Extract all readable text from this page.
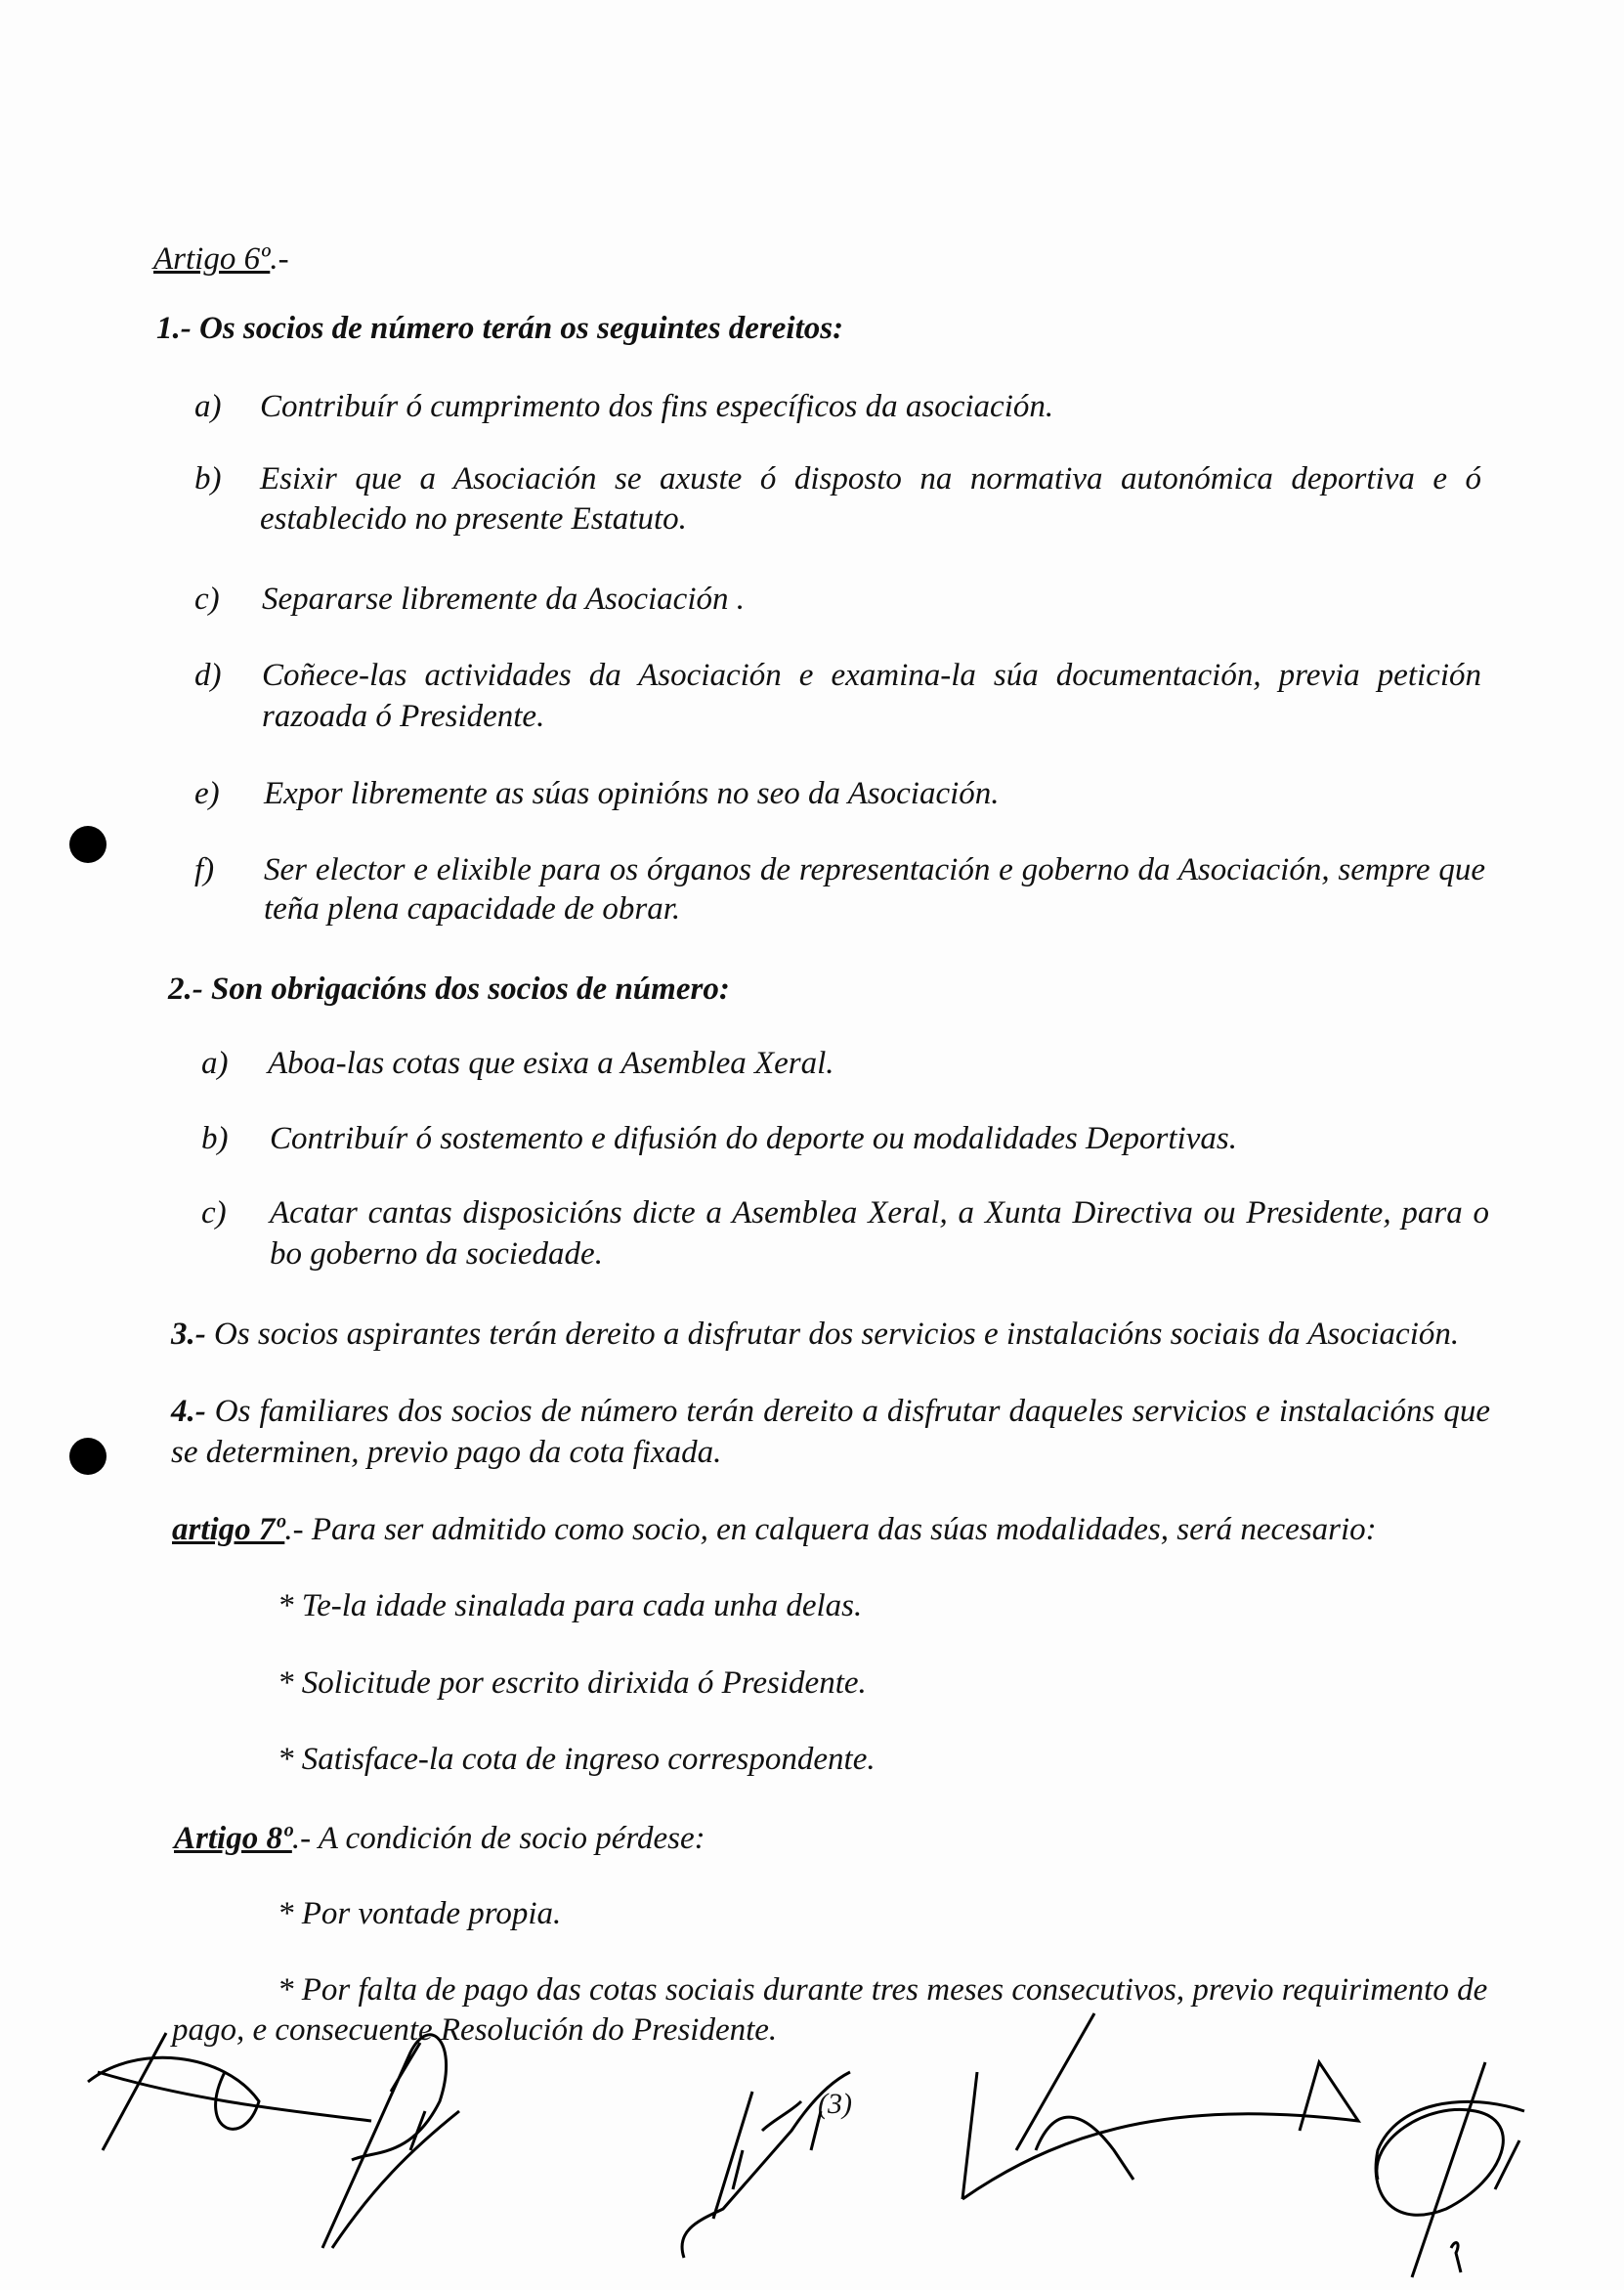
Artigo 6º.-
1.- Os socios de número terán os seguintes dereitos:
a) Contribuír ó cumprimento dos fins específicos da asociación.
b) Esixir que a Asociación se axuste ó disposto na normativa autonómica deportiva e ó
establecido no presente Estatuto.
c) Separarse libremente da Asociación .
d) Coñece-las actividades da Asociación e examina-la súa documentación, previa petición
razoada ó Presidente.
e) Expor libremente as súas opinións no seo da Asociación.
f) Ser elector e elixible para os órganos de representación e goberno da Asociación, sempre que
teña plena capacidade de obrar.
2.- Son obrigacións dos socios de número:
a) Aboa-las cotas que esixa a Asemblea Xeral.
b) Contribuír ó sostemento e difusión do deporte ou modalidades Deportivas.
c) Acatar cantas disposicións dicte a Asemblea Xeral, a Xunta Directiva ou Presidente, para o
bo goberno da sociedade.
3.- Os socios aspirantes terán dereito a disfrutar dos servicios e instalacións sociais da Asociación.
4.- Os familiares dos socios de número terán dereito a disfrutar daqueles servicios e instalacións que
se determinen, previo pago da cota fixada.
artigo 7º.- Para ser admitido como socio, en calquera das súas modalidades, será necesario:
* Te-la idade sinalada para cada unha delas.
* Solicitude por escrito dirixida ó Presidente.
* Satisface-la cota de ingreso correspondente.
Artigo 8º.- A condición de socio pérdese:
* Por vontade propia.
* Por falta de pago das cotas sociais durante tres meses consecutivos, previo requirimento de
pago, e consecuente Resolución do Presidente.
(3)
